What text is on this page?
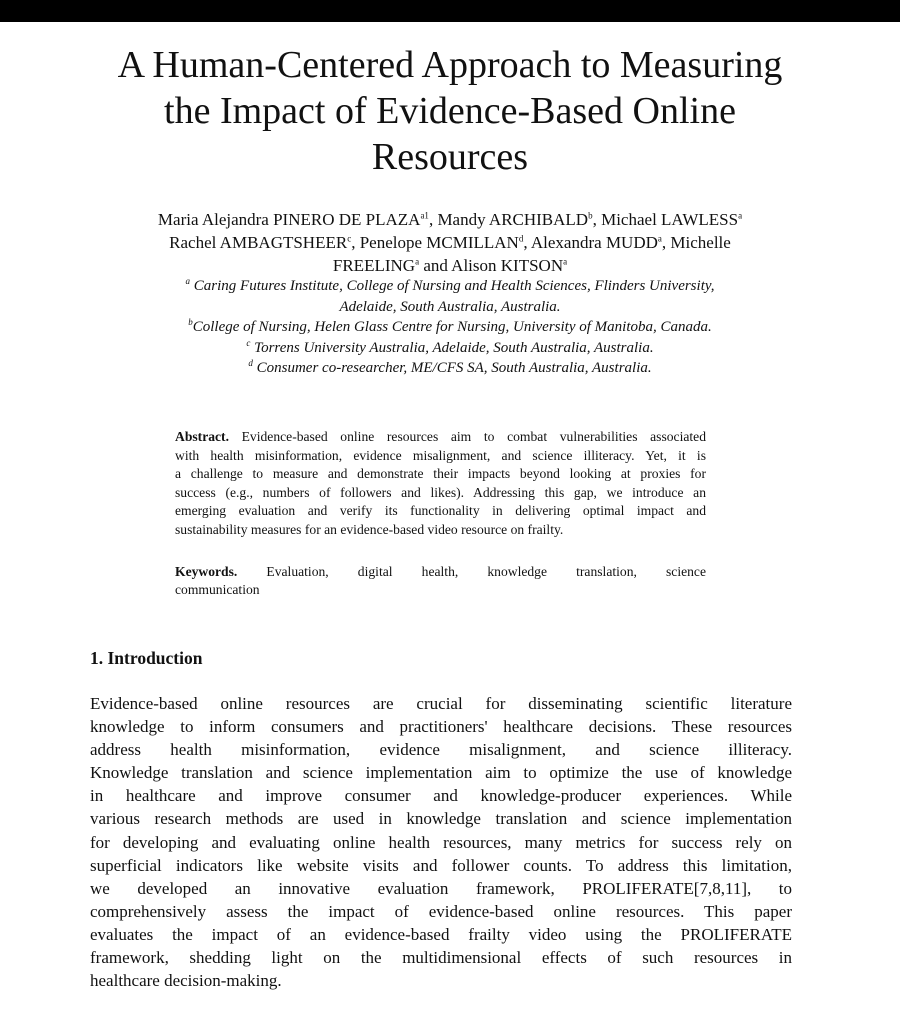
A Human-Centered Approach to Measuring
the Impact of Evidence-Based Online
Resources
Maria Alejandra PINERO DE $PLAZA^{a1}$, Mandy ARCHIBALD$^b$, Michael LAWLESS$^a$
Rachel AMBAGTSHEER$^c$, Penelope MCMILLAN$^d$, Alexandra MUDD$^a$, Michelle
FREELING$^a$ and Alison KITSON$^a$
$^a$ Caring Futures Institute, College of Nursing and Health Sciences, Flinders University,
Adelaide, South Australia, Australia.
$^b$College of Nursing, Helen Glass Centre for Nursing, University of Manitoba, Canada.
$^c$ Torrens University Australia, Adelaide, South Australia, Australia.
$^d$ Consumer co-researcher, ME/CFS SA, South Australia, Australia.
Abstract. Evidence-based online resources aim to combat vulnerabilities associated
with health misinformation, evidence misalignment, and science illiteracy. Yet, it is
a challenge to measure and demonstrate their impacts beyond looking at proxies for
success (e.g., numbers of followers and likes). Addressing this gap, we introduce an
emerging evaluation and verify its functionality in delivering optimal impact and
sustainability measures for an evidence-based video resource on frailty.
Keywords. Evaluation, digital health, knowledge translation, science
communication
1. Introduction
Evidence-based online resources are crucial for disseminating scientific literature
knowledge to inform consumers and practitioners' healthcare decisions. These resources
address health misinformation, evidence misalignment, and science illiteracy.
Knowledge translation and science implementation aim to optimize the use of knowledge
in healthcare and improve consumer and knowledge-producer experiences. While
various research methods are used in knowledge translation and science implementation
for developing and evaluating online health resources, many metrics for success rely on
superficial indicators like website visits and follower counts. To address this limitation,
we developed an innovative evaluation framework, PROLIFERATE[7,8,11], to
comprehensively assess the impact of evidence-based online resources. This paper
evaluates the impact of an evidence-based frailty video using the PROLIFERATE
framework, shedding light on the multidimensional effects of such resources in
healthcare decision-making.
